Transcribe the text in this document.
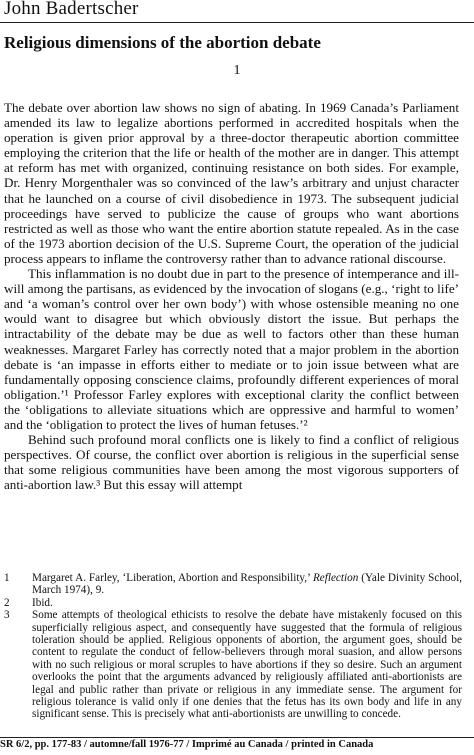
John Badertscher
Religious dimensions of the abortion debate
1

The debate over abortion law shows no sign of abating. In 1969 Canada’s Parliament amended its law to legalize abortions performed in accredited hospitals when the operation is given prior approval by a three-doctor therapeutic abortion committee employing the criterion that the life or health of the mother are in danger. This attempt at reform has met with organized, continuing resistance on both sides. For example, Dr. Henry Morgenthaler was so convinced of the law’s arbitrary and unjust character that he launched on a course of civil disobedience in 1973. The subsequent judicial proceedings have served to publicize the cause of groups who want abortions restricted as well as those who want the entire abortion statute repealed. As in the case of the 1973 abortion decision of the U.S. Supreme Court, the operation of the judicial process appears to inflame the controversy rather than to advance rational discourse.

This inflammation is no doubt due in part to the presence of intemperance and ill-will among the partisans, as evidenced by the invocation of slogans (e.g., ‘right to life’ and ‘a woman’s control over her own body’) with whose ostensible meaning no one would want to disagree but which obviously distort the issue. But perhaps the intractability of the debate may be due as well to factors other than these human weaknesses. Margaret Farley has correctly noted that a major problem in the abortion debate is ‘an impasse in efforts either to mediate or to join issue between what are fundamentally opposing conscience claims, profoundly different experiences of moral obligation.’¹ Professor Farley explores with exceptional clarity the conflict between the ‘obligations to alleviate situations which are oppressive and harmful to women’ and the ‘obligation to protect the lives of human fetuses.’²

Behind such profound moral conflicts one is likely to find a conflict of religious perspectives. Of course, the conflict over abortion is religious in the superficial sense that some religious communities have been among the most vigorous supporters of anti-abortion law.³ But this essay will attempt

1 Margaret A. Farley, ‘Liberation, Abortion and Responsibility,’ Reflection (Yale Divinity School, March 1974), 9.
2 Ibid.
3 Some attempts of theological ethicists to resolve the debate have mistakenly focused on this superficially religious aspect, and consequently have suggested that the formula of religious toleration should be applied. Religious opponents of abortion, the argument goes, should be content to regulate the conduct of fellow-believers through moral suasion, and allow persons with no such religious or moral scruples to have abortions if they so desire. Such an argument overlooks the point that the arguments advanced by religiously affiliated anti-abortionists are legal and public rather than private or religious in any immediate sense. The argument for religious tolerance is valid only if one denies that the fetus has its own body and life in any significant sense. This is precisely what anti-abortionists are unwilling to concede.
SR 6/2, pp. 177-83 / automne/fall 1976-77 / Imprimé au Canada / printed in Canada
